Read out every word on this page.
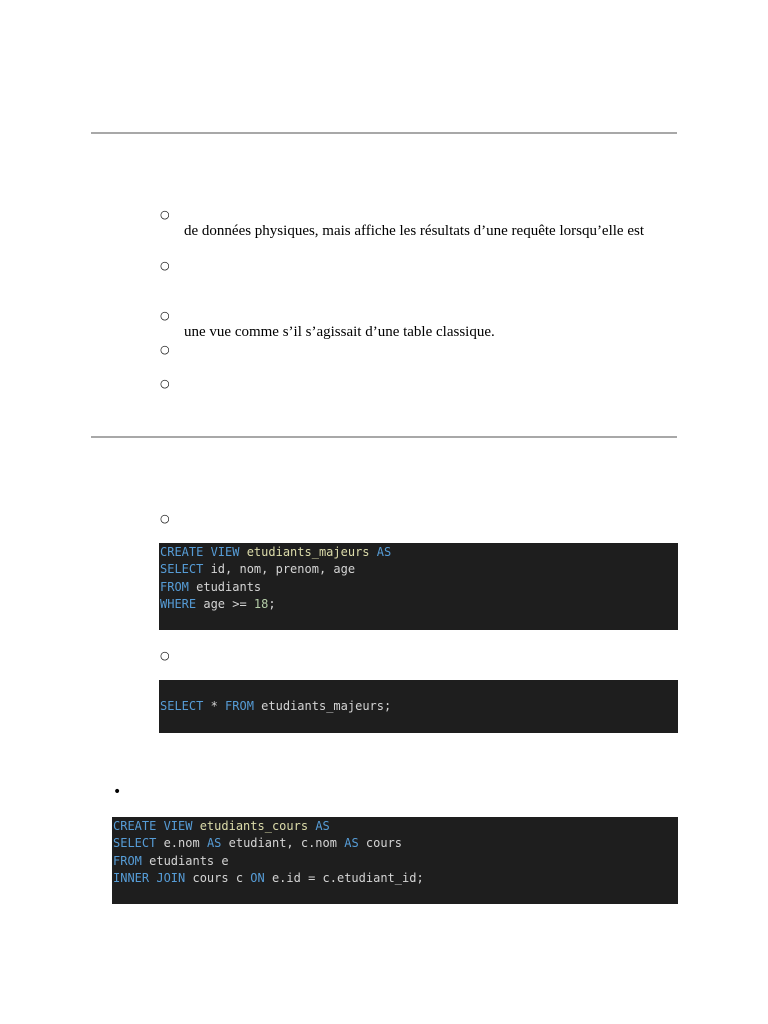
○
de données physiques, mais affiche les résultats d’une requête lorsqu’elle est
○
○
une vue comme s’il s’agissait d’une table classique.
○
○
○
CREATE VIEW etudiants_majeurs AS
SELECT id, nom, prenom, age
FROM etudiants
WHERE age >= 18;
○
SELECT * FROM etudiants_majeurs;
•
CREATE VIEW etudiants_cours AS
SELECT e.nom AS etudiant, c.nom AS cours
FROM etudiants e
INNER JOIN cours c ON e.id = c.etudiant_id;
